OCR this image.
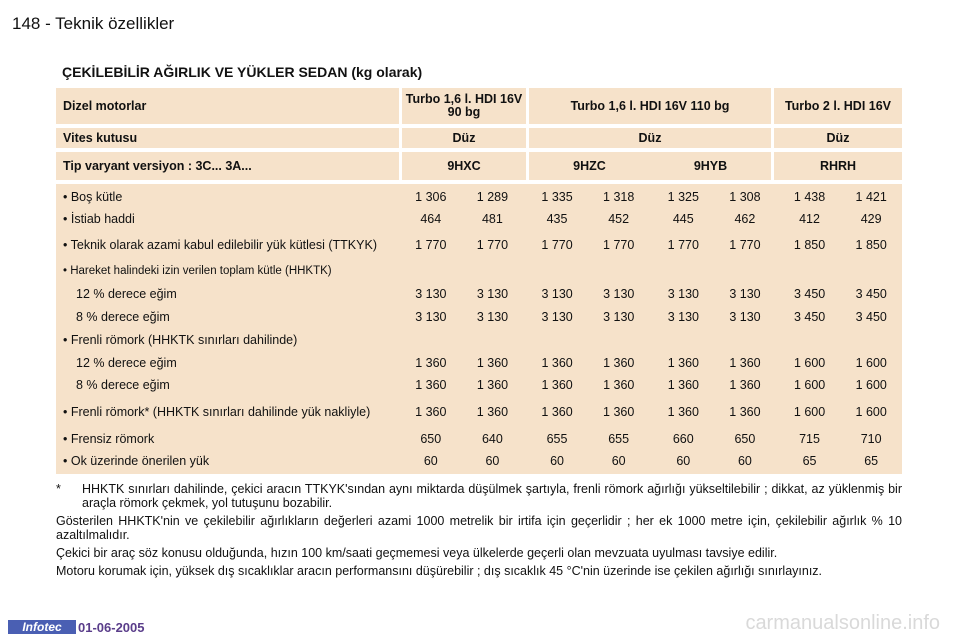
148 - Teknik özellikler
ÇEKİLEBİLİR AĞIRLIK VE YÜKLER SEDAN (kg olarak)
Dizel motorlar	Turbo 1,6 l. HDI 16V 90 bg	Turbo 1,6 l. HDI 16V 110 bg	Turbo 2 l. HDI 16V
Vites kutusu	Düz	Düz	Düz
Tip varyant versiyon : 3C... 3A...	9HXC	9HZC	9HYB	RHRH
• Boş kütle	1 306	1 289	1 335	1 318	1 325	1 308	1 438	1 421
• İstiab haddi	464	481	435	452	445	462	412	429
• Teknik olarak azami kabul edilebilir yük kütlesi (TTKYK)	1 770	1 770	1 770	1 770	1 770	1 770	1 850	1 850
• Hareket halindeki izin verilen toplam kütle (HHKTK)
12 % derece eğim	3 130	3 130	3 130	3 130	3 130	3 130	3 450	3 450
8 % derece eğim	3 130	3 130	3 130	3 130	3 130	3 130	3 450	3 450
• Frenli römork (HHKTK sınırları dahilinde)
12 % derece eğim	1 360	1 360	1 360	1 360	1 360	1 360	1 600	1 600
8 % derece eğim	1 360	1 360	1 360	1 360	1 360	1 360	1 600	1 600
• Frenli römork* (HHKTK sınırları dahilinde yük nakliyle)	1 360	1 360	1 360	1 360	1 360	1 360	1 600	1 600
• Frensiz römork	650	640	655	655	660	650	715	710
• Ok üzerinde önerilen yük	60	60	60	60	60	60	65	65

*	HHKTK sınırları dahilinde, çekici aracın TTKYK'sından aynı miktarda düşülmek şartıyla, frenli römork ağırlığı yükseltilebilir ; dikkat, az yüklenmiş bir araçla römork çekmek, yol tutuşunu bozabilir.

Gösterilen HHKTK'nin ve çekilebilir ağırlıkların değerleri azami 1000 metrelik bir irtifa için geçerlidir ; her ek 1000 metre için, çekilebilir ağırlık % 10 azaltılmalıdır.

Çekici bir araç söz konusu olduğunda, hızın 100 km/saati geçmemesi veya ülkelerde geçerli olan mevzuata uyulması tavsiye edilir.

Motoru korumak için, yüksek dış sıcaklıklar aracın performansını düşürebilir ; dış sıcaklık 45 °C'nin üzerinde ise çekilen ağırlığı sınırlayınız.

Infotec	01-06-2005	carmanualsonline.info
